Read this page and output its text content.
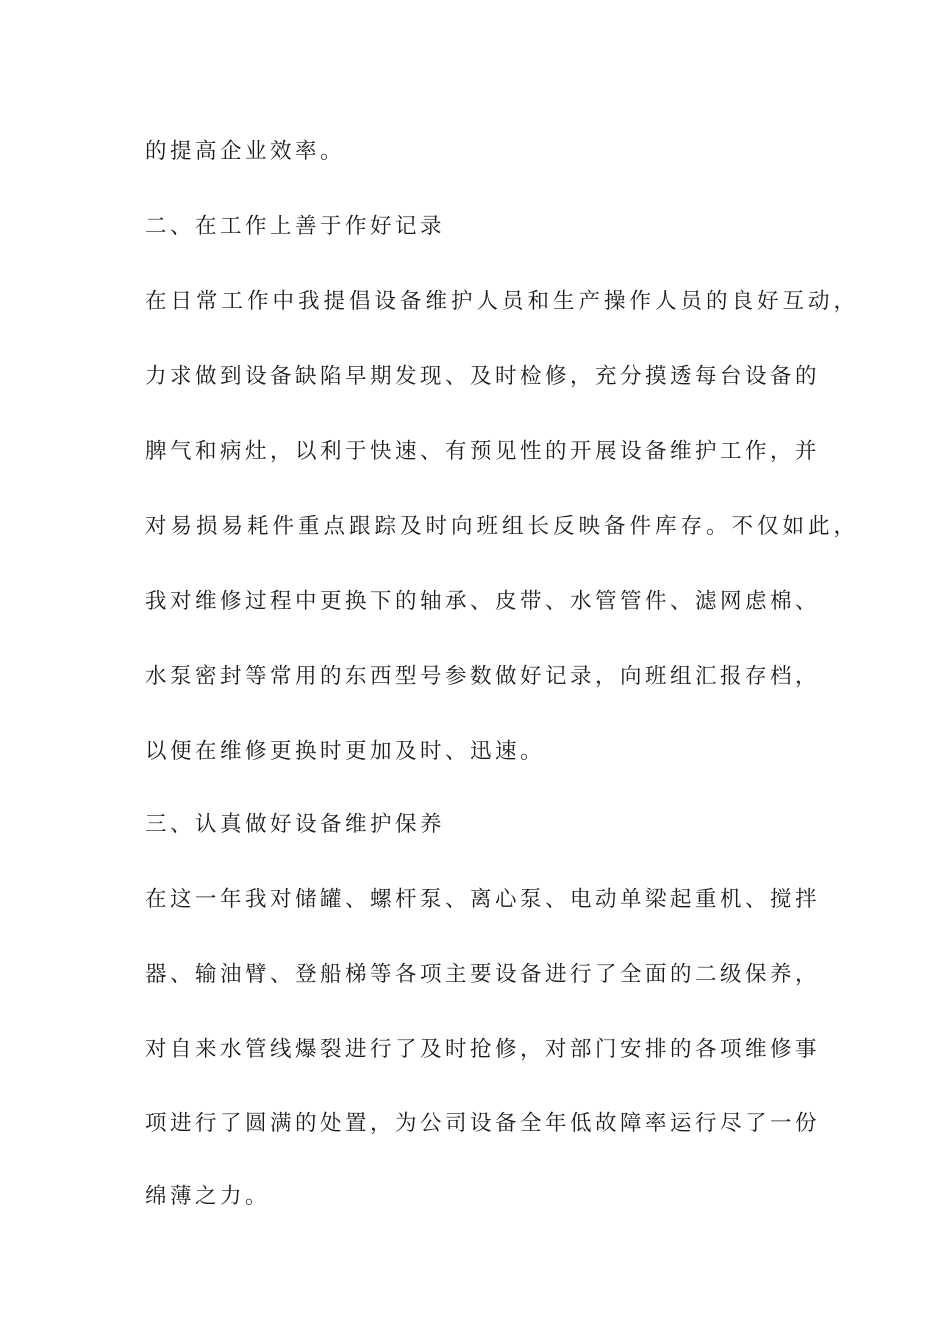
的提高企业效率。
二、在工作上善于作好记录
在日常工作中我提倡设备维护人员和生产操作人员的良好互动，
力求做到设备缺陷早期发现、及时检修，充分摸透每台设备的
脾气和病灶，以利于快速、有预见性的开展设备维护工作，并
对易损易耗件重点跟踪及时向班组长反映备件库存。不仅如此，
我对维修过程中更换下的轴承、皮带、水管管件、滤网虑棉、
水泵密封等常用的东西型号参数做好记录，向班组汇报存档，
以便在维修更换时更加及时、迅速。
三、认真做好设备维护保养
在这一年我对储罐、螺杆泵、离心泵、电动单梁起重机、搅拌
器、输油臂、登船梯等各项主要设备进行了全面的二级保养，
对自来水管线爆裂进行了及时抢修，对部门安排的各项维修事
项进行了圆满的处置，为公司设备全年低故障率运行尽了一份
绵薄之力。
